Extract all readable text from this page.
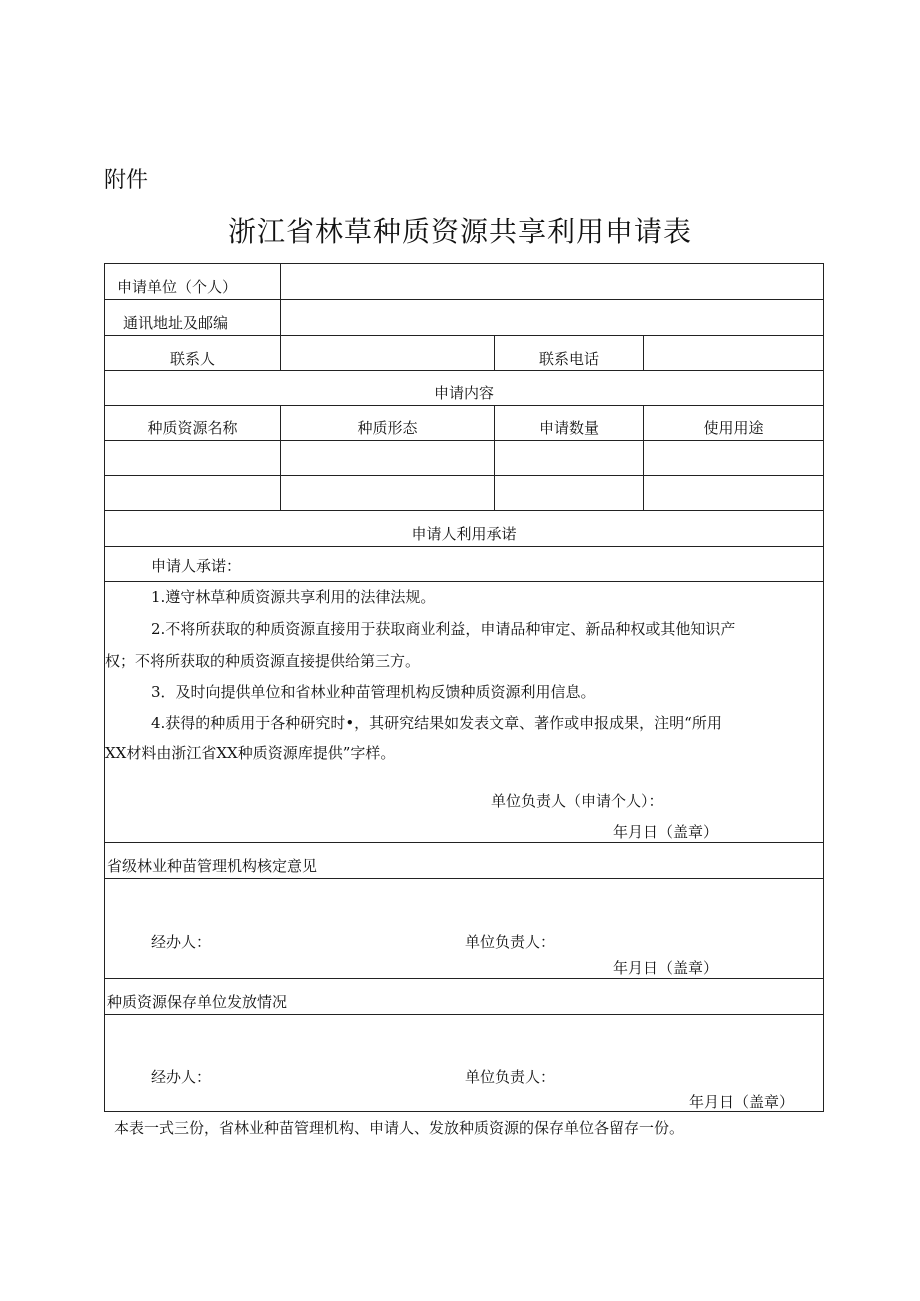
附件
浙江省林草种质资源共享利用申请表
申请单位（个人）
通讯地址及邮编
联系人	联系电话
申请内容
种质资源名称	种质形态	申请数量	使用用途
申请人利用承诺
申请人承诺：
1.遵守林草种质资源共享利用的法律法规。
2.不将所获取的种质资源直接用于获取商业利益，申请品种审定、新品种权或其他知识产
权；不将所获取的种质资源直接提供给第三方。
3．及时向提供单位和省林业种苗管理机构反馈种质资源利用信息。
4.获得的种质用于各种研究时•，其研究结果如发表文章、著作或申报成果，注明“所用
XX材料由浙江省XX种质资源库提供”字样。
单位负责人（申请个人）：
年月日（盖章）
省级林业种苗管理机构核定意见
经办人：	单位负责人：
年月日（盖章）
种质资源保存单位发放情况
经办人：	单位负责人：
年月日（盖章）
本表一式三份，省林业种苗管理机构、申请人、发放种质资源的保存单位各留存一份。
